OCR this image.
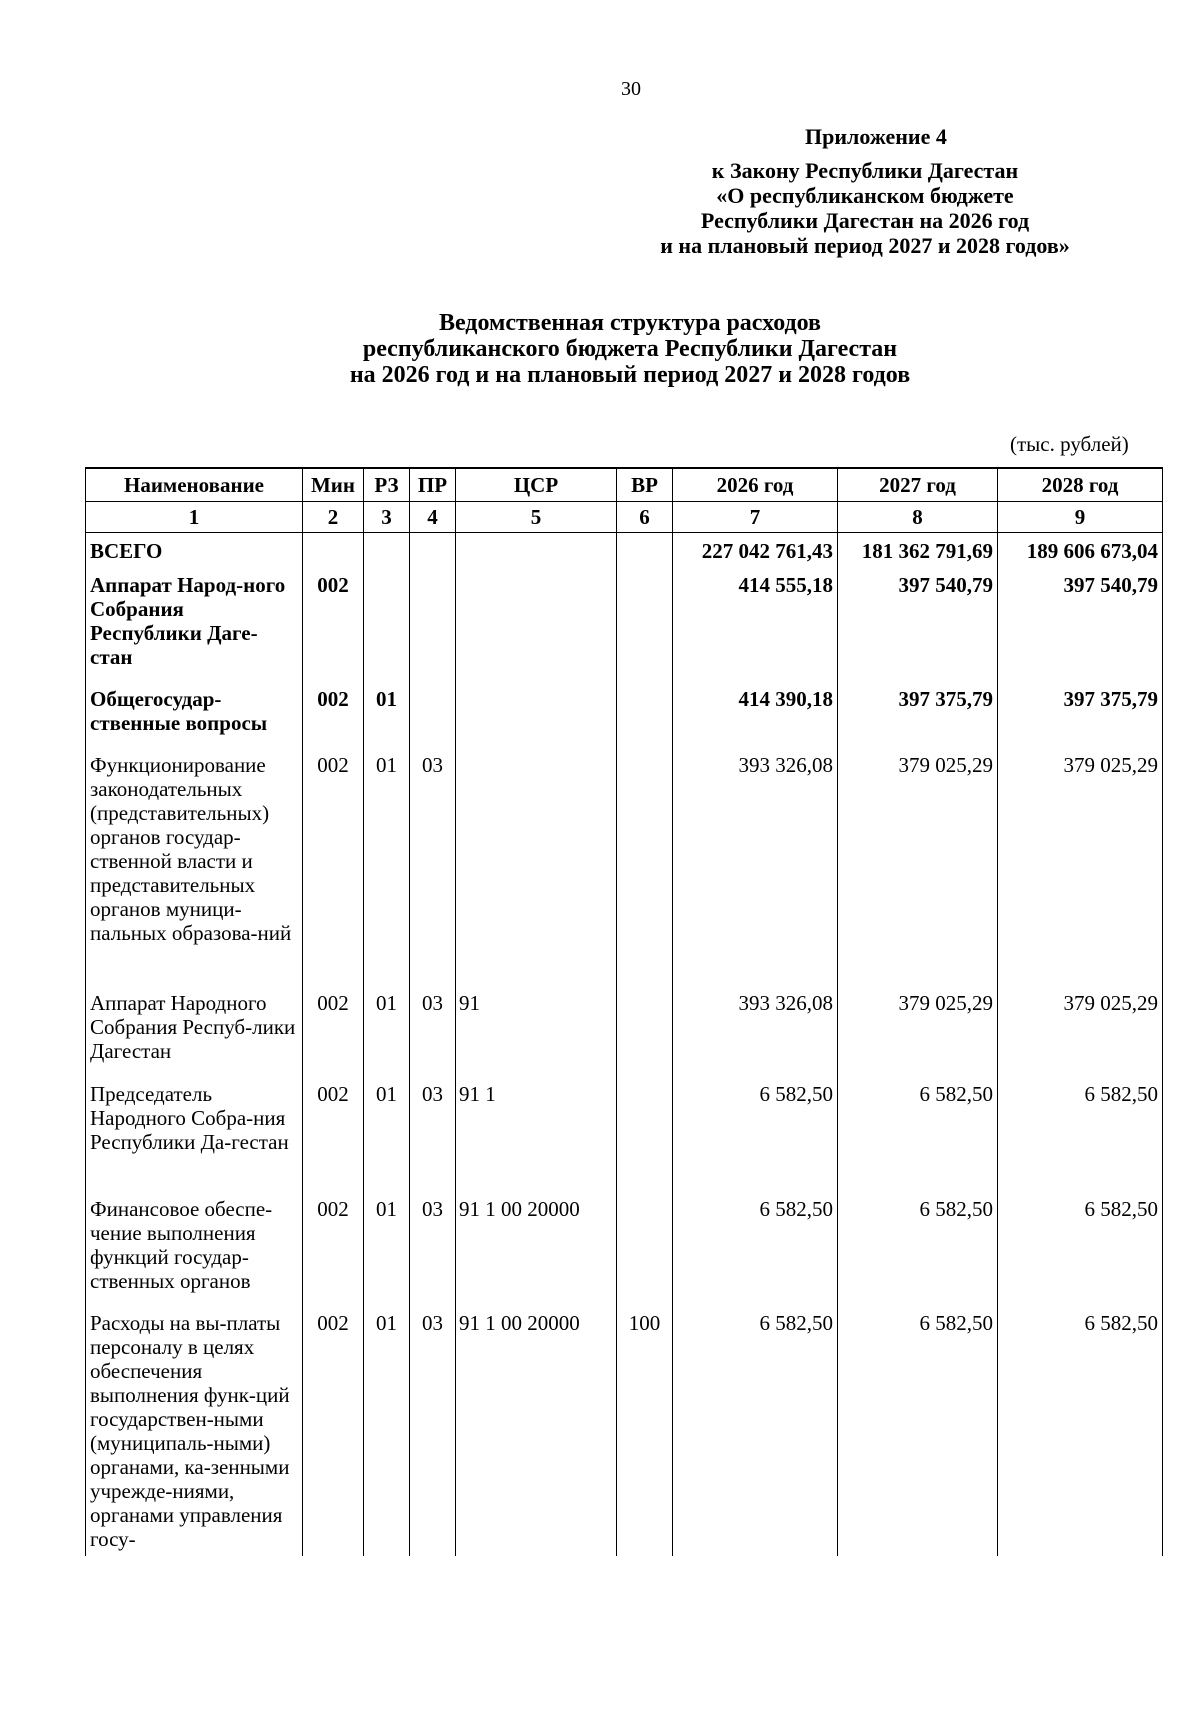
30
Приложение 4
к Закону Республики Дагестан
«О республиканском бюджете
Республики Дагестан на 2026 год
и на плановый период 2027 и 2028 годов»
Ведомственная структура расходов
республиканского бюджета Республики Дагестан
на 2026 год и на плановый период 2027 и 2028 годов
(тыс. рублей)
Наименование	Мин	РЗ	ПР	ЦСР	ВР	2026 год	2027 год	2028 год
1	2	3	4	5	6	7	8	9
ВСЕГО						227 042 761,43	181 362 791,69	189 606 673,04
Аппарат Народ-ного Собрания Республики Даге-стан	002					414 555,18	397 540,79	397 540,79
Общегосудар-ственные вопросы	002	01				414 390,18	397 375,79	397 375,79
Функционирование законодательных (представительных) органов государ-ственной власти и представительных органов муници-пальных образова-ний	002	01	03			393 326,08	379 025,29	379 025,29
Аппарат Народного Собрания Респуб-лики Дагестан	002	01	03	91		393 326,08	379 025,29	379 025,29
Председатель Народного Собра-ния Республики Да-гестан	002	01	03	91 1		6 582,50	6 582,50	6 582,50
Финансовое обеспе-чение выполнения функций государ-ственных органов	002	01	03	91 1 00 20000		6 582,50	6 582,50	6 582,50
Расходы на вы-платы персоналу в целях обеспечения выполнения функ-ций государствен-ными (муниципаль-ными) органами, ка-зенными учрежде-ниями, органами управления госу-	002	01	03	91 1 00 20000	100	6 582,50	6 582,50	6 582,50
